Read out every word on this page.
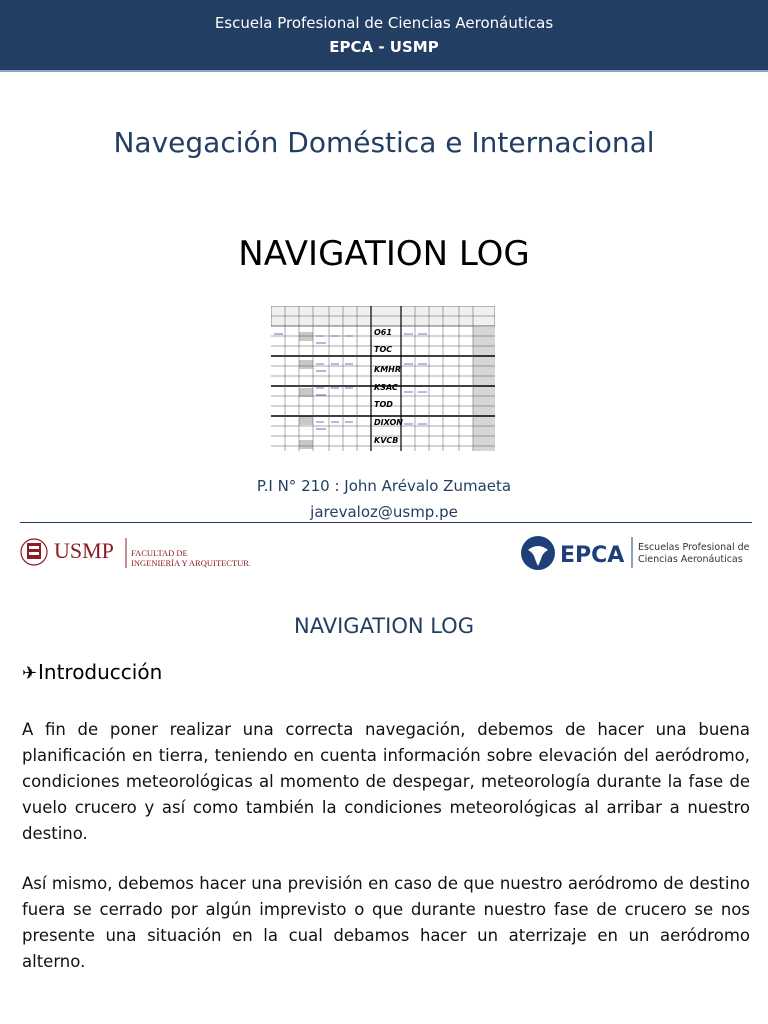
Escuela Profesional de Ciencias Aeronáuticas
EPCA - USMP
Navegación Doméstica e Internacional
NAVIGATION LOG
O61
TOC
KMHR
KSAC
TOD
DIXON
KVCB
P.I N° 210 : John Arévalo Zumaeta
jarevaloz@usmp.pe
USMP FACULTAD DE
INGENIERÍA Y ARQUITECTURA	EPCA Escuelas Profesional de
Ciencias Aeronáuticas
NAVIGATION LOG
✈Introducción
A fin de poner realizar una correcta navegación, debemos de hacer una buena planificación en tierra, teniendo en cuenta información sobre elevación del aeródromo, condiciones meteorológicas al momento de despegar, meteorología durante la fase de vuelo crucero y así como también la condiciones meteorológicas al arribar a nuestro destino.
Así mismo, debemos hacer una previsión en caso de que nuestro aeródromo de destino fuera se cerrado por algún imprevisto o que durante nuestro fase de crucero se nos presente una situación en la cual debamos hacer un aterrizaje en un aeródromo alterno.
